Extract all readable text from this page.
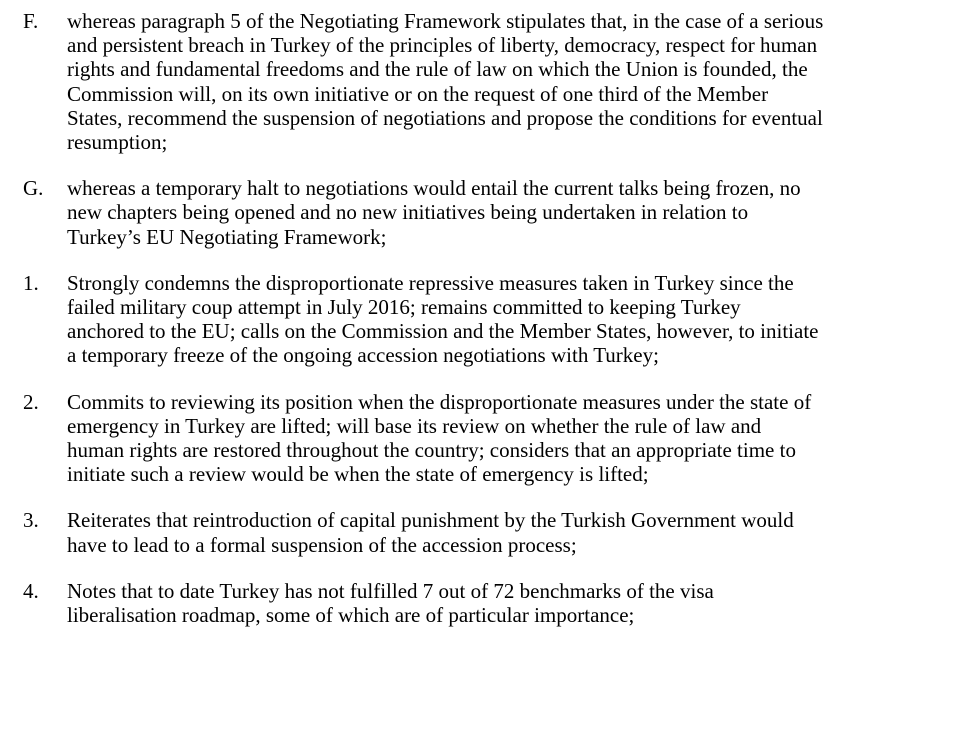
F.	whereas paragraph 5 of the Negotiating Framework stipulates that, in the case of a serious
and persistent breach in Turkey of the principles of liberty, democracy, respect for human
rights and fundamental freedoms and the rule of law on which the Union is founded, the
Commission will, on its own initiative or on the request of one third of the Member
States, recommend the suspension of negotiations and propose the conditions for eventual
resumption;
G.	whereas a temporary halt to negotiations would entail the current talks being frozen, no
new chapters being opened and no new initiatives being undertaken in relation to
Turkey’s EU Negotiating Framework;
1.	Strongly condemns the disproportionate repressive measures taken in Turkey since the
failed military coup attempt in July 2016; remains committed to keeping Turkey
anchored to the EU; calls on the Commission and the Member States, however, to initiate
a temporary freeze of the ongoing accession negotiations with Turkey;
2.	Commits to reviewing its position when the disproportionate measures under the state of
emergency in Turkey are lifted; will base its review on whether the rule of law and
human rights are restored throughout the country; considers that an appropriate time to
initiate such a review would be when the state of emergency is lifted;
3.	Reiterates that reintroduction of capital punishment by the Turkish Government would
have to lead to a formal suspension of the accession process;
4.	Notes that to date Turkey has not fulfilled 7 out of 72 benchmarks of the visa
liberalisation roadmap, some of which are of particular importance;
